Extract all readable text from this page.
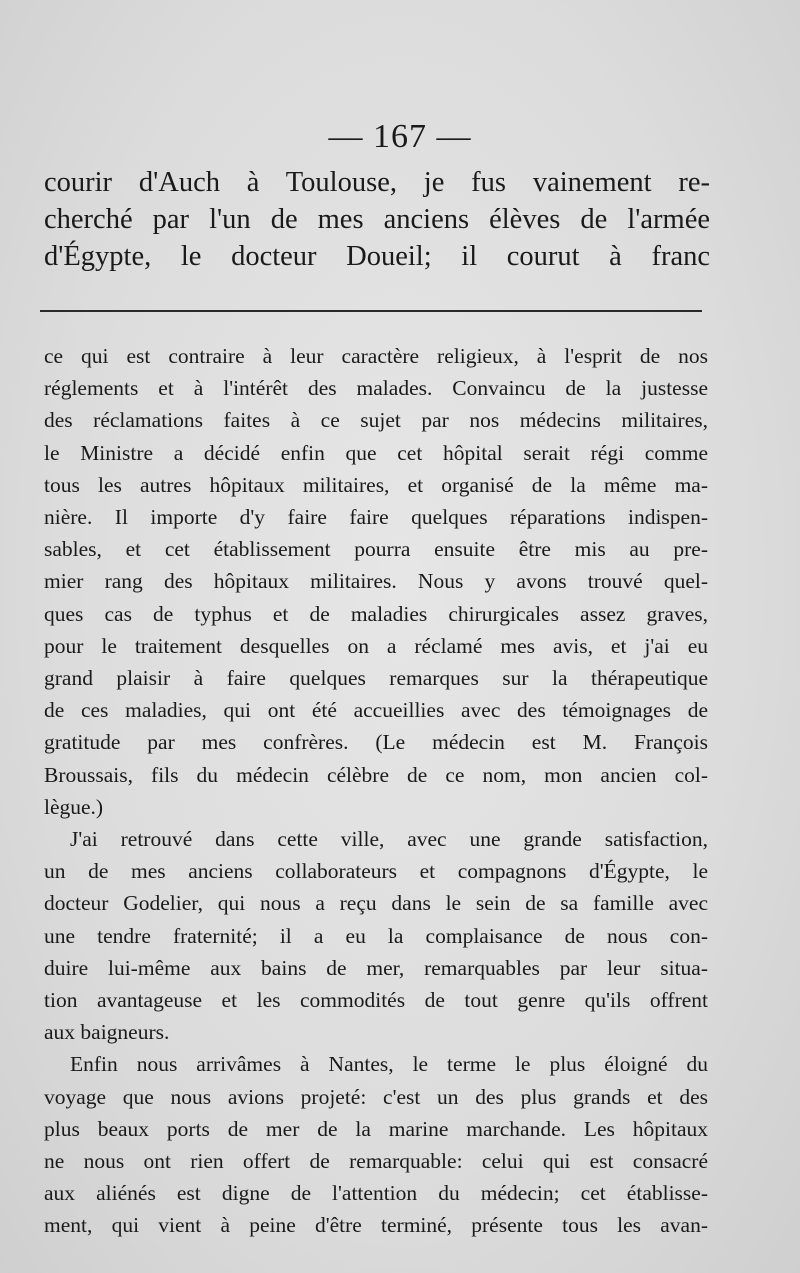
— 167 —
courir d'Auch à Toulouse, je fus vainement re-
cherché par l'un de mes anciens élèves de l'armée
d'Égypte, le docteur Doueil; il courut à franc
ce qui est contraire à leur caractère religieux, à l'esprit de nos
réglements et à l'intérêt des malades. Convaincu de la justesse
des réclamations faites à ce sujet par nos médecins militaires,
le Ministre a décidé enfin que cet hôpital serait régi comme
tous les autres hôpitaux militaires, et organisé de la même ma-
nière. Il importe d'y faire faire quelques réparations indispen-
sables, et cet établissement pourra ensuite être mis au pre-
mier rang des hôpitaux militaires. Nous y avons trouvé quel-
ques cas de typhus et de maladies chirurgicales assez graves,
pour le traitement desquelles on a réclamé mes avis, et j'ai eu
grand plaisir à faire quelques remarques sur la thérapeutique
de ces maladies, qui ont été accueillies avec des témoignages de
gratitude par mes confrères. (Le médecin est M. François
Broussais, fils du médecin célèbre de ce nom, mon ancien col-
lègue.)
J'ai retrouvé dans cette ville, avec une grande satisfaction,
un de mes anciens collaborateurs et compagnons d'Égypte, le
docteur Godelier, qui nous a reçu dans le sein de sa famille avec
une tendre fraternité; il a eu la complaisance de nous con-
duire lui-même aux bains de mer, remarquables par leur situa-
tion avantageuse et les commodités de tout genre qu'ils offrent
aux baigneurs.
Enfin nous arrivâmes à Nantes, le terme le plus éloigné du
voyage que nous avions projeté: c'est un des plus grands et des
plus beaux ports de mer de la marine marchande. Les hôpitaux
ne nous ont rien offert de remarquable: celui qui est consacré
aux aliénés est digne de l'attention du médecin; cet établisse-
ment, qui vient à peine d'être terminé, présente tous les avan-
